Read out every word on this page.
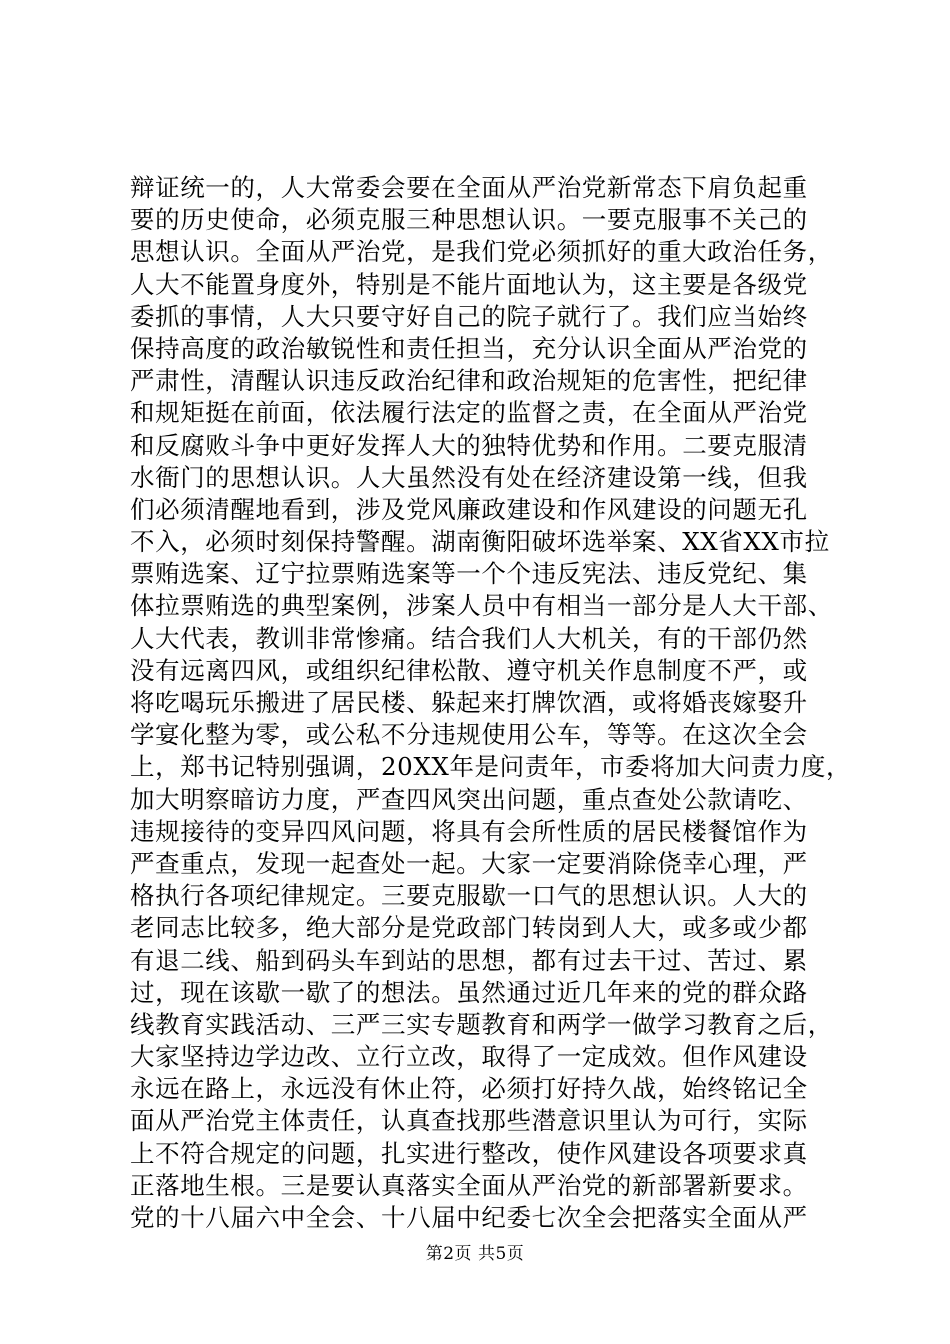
辩证统一的，人大常委会要在全面从严治党新常态下肩负起重
要的历史使命，必须克服三种思想认识。一要克服事不关己的
思想认识。全面从严治党，是我们党必须抓好的重大政治任务，
人大不能置身度外，特别是不能片面地认为，这主要是各级党
委抓的事情，人大只要守好自己的院子就行了。我们应当始终
保持高度的政治敏锐性和责任担当，充分认识全面从严治党的
严肃性，清醒认识违反政治纪律和政治规矩的危害性，把纪律
和规矩挺在前面，依法履行法定的监督之责，在全面从严治党
和反腐败斗争中更好发挥人大的独特优势和作用。二要克服清
水衙门的思想认识。人大虽然没有处在经济建设第一线，但我
们必须清醒地看到，涉及党风廉政建设和作风建设的问题无孔
不入，必须时刻保持警醒。湖南衡阳破坏选举案、XX省XX市拉
票贿选案、辽宁拉票贿选案等一个个违反宪法、违反党纪、集
体拉票贿选的典型案例，涉案人员中有相当一部分是人大干部、
人大代表，教训非常惨痛。结合我们人大机关，有的干部仍然
没有远离四风，或组织纪律松散、遵守机关作息制度不严，或
将吃喝玩乐搬进了居民楼、躲起来打牌饮酒，或将婚丧嫁娶升
学宴化整为零，或公私不分违规使用公车，等等。在这次全会
上，郑书记特别强调，20XX年是问责年，市委将加大问责力度，
加大明察暗访力度，严查四风突出问题，重点查处公款请吃、
违规接待的变异四风问题，将具有会所性质的居民楼餐馆作为
严查重点，发现一起查处一起。大家一定要消除侥幸心理，严
格执行各项纪律规定。三要克服歇一口气的思想认识。人大的
老同志比较多，绝大部分是党政部门转岗到人大，或多或少都
有退二线、船到码头车到站的思想，都有过去干过、苦过、累
过，现在该歇一歇了的想法。虽然通过近几年来的党的群众路
线教育实践活动、三严三实专题教育和两学一做学习教育之后，
大家坚持边学边改、立行立改，取得了一定成效。但作风建设
永远在路上，永远没有休止符，必须打好持久战，始终铭记全
面从严治党主体责任，认真查找那些潜意识里认为可行，实际
上不符合规定的问题，扎实进行整改，使作风建设各项要求真
正落地生根。三是要认真落实全面从严治党的新部署新要求。
党的十八届六中全会、十八届中纪委七次全会把落实全面从严
第2页 共5页
